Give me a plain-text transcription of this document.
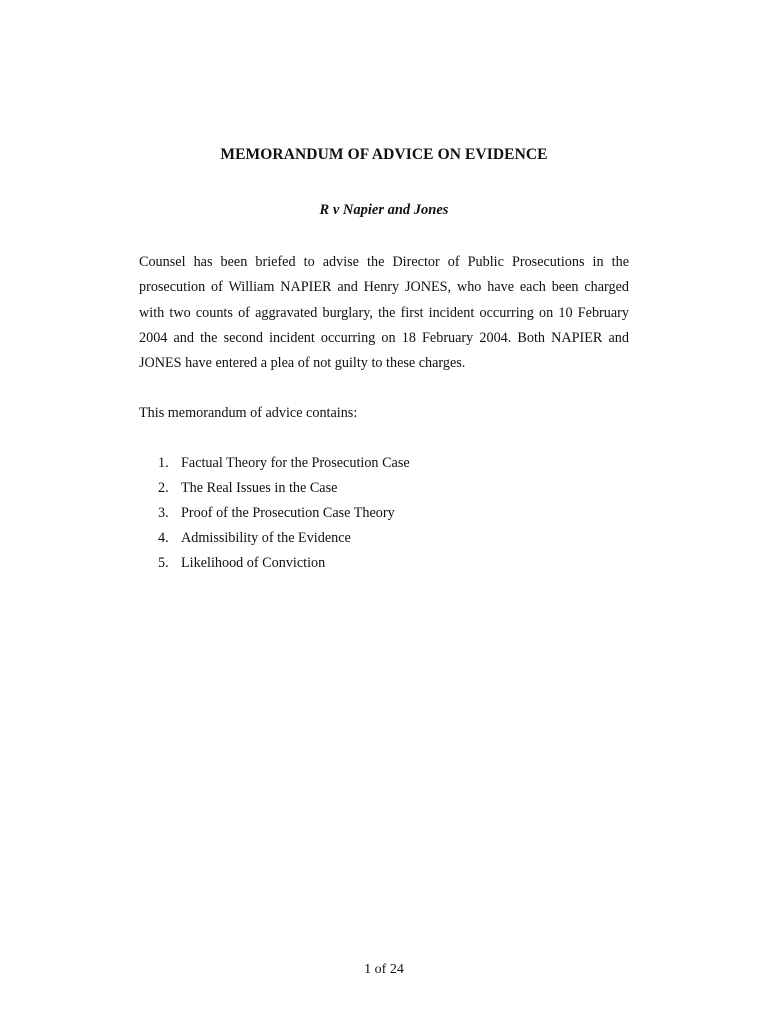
MEMORANDUM OF ADVICE ON EVIDENCE
R v Napier and Jones
Counsel has been briefed to advise the Director of Public Prosecutions in the prosecution of William NAPIER and Henry JONES, who have each been charged with two counts of aggravated burglary, the first incident occurring on 10 February 2004 and the second incident occurring on 18 February 2004. Both NAPIER and JONES have entered a plea of not guilty to these charges.
This memorandum of advice contains:
1. Factual Theory for the Prosecution Case
2. The Real Issues in the Case
3. Proof of the Prosecution Case Theory
4. Admissibility of the Evidence
5. Likelihood of Conviction
1 of 24
